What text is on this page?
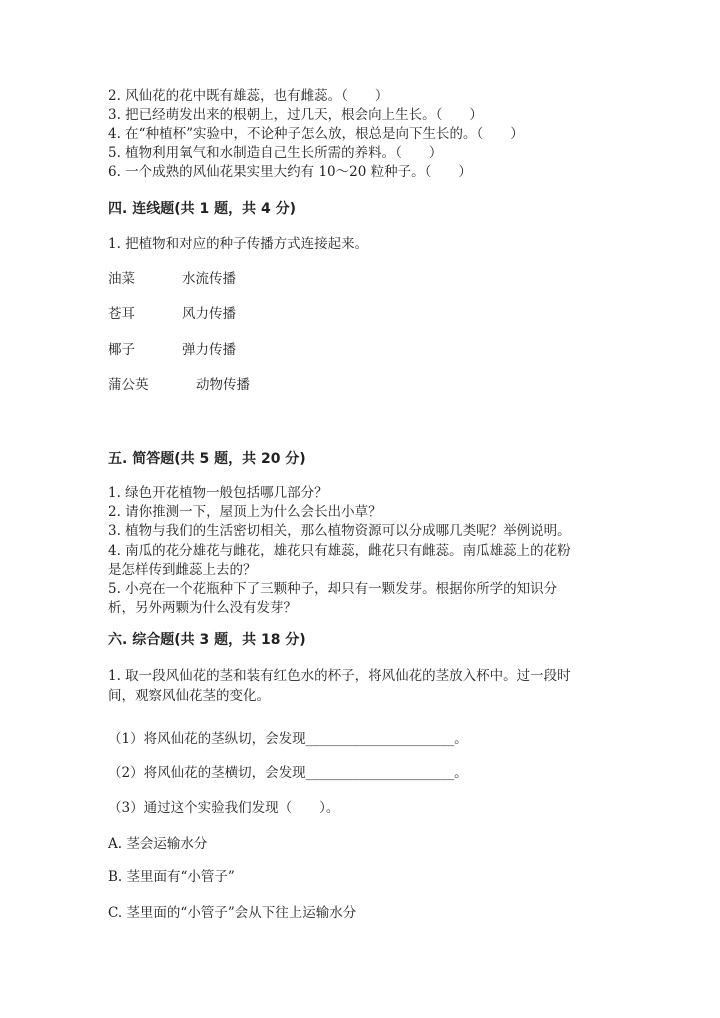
2. 风仙花的花中既有雄蕊，也有雌蕊。（　　）
3. 把已经萌发出来的根朝上，过几天，根会向上生长。（　　）
4. 在“种植杯”实验中，不论种子怎么放，根总是向下生长的。（　　）
5. 植物利用氧气和水制造自己生长所需的养料。（　　）
6. 一个成熟的风仙花果实里大约有 10～20 粒种子。（　　）
四. 连线题(共 1 题，共 4 分)
1. 把植物和对应的种子传播方式连接起来。
油菜	水流传播
苍耳	风力传播
椰子	弹力传播
蒲公英	动物传播
五. 简答题(共 5 题，共 20 分)
1. 绿色开花植物一般包括哪几部分？
2. 请你推测一下，屋顶上为什么会长出小草？
3. 植物与我们的生活密切相关，那么植物资源可以分成哪几类呢？举例说明。
4. 南瓜的花分雄花与雌花，雄花只有雄蕊，雌花只有雌蕊。南瓜雄蕊上的花粉
是怎样传到雌蕊上去的？
5. 小亮在一个花瓶种下了三颗种子，却只有一颗发芽。根据你所学的知识分
析，另外两颗为什么没有发芽？
六. 综合题(共 3 题，共 18 分)
1. 取一段风仙花的茎和装有红色水的杯子，将风仙花的茎放入杯中。过一段时
间，观察风仙花茎的变化。
（1）将风仙花的茎纵切，会发现______________________。
（2）将风仙花的茎横切，会发现______________________。
（3）通过这个实验我们发现（　　）。
A. 茎会运输水分
B. 茎里面有“小管子”
C. 茎里面的“小管子”会从下往上运输水分
